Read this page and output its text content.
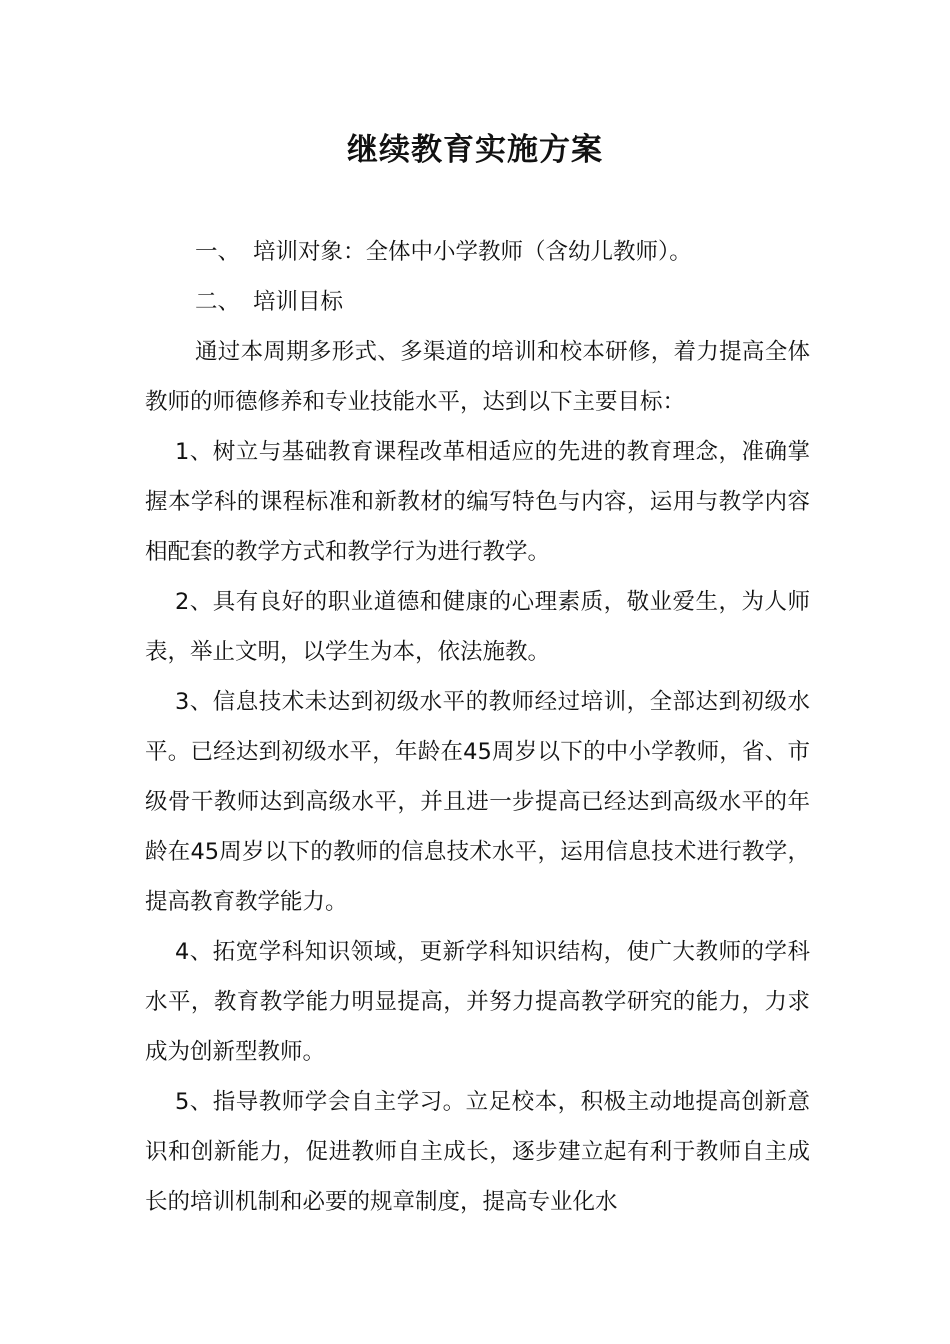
继续教育实施方案

一、 培训对象：全体中小学教师（含幼儿教师）。

二、 培训目标

通过本周期多形式、多渠道的培训和校本研修，着力提高全体教师的师德修养和专业技能水平，达到以下主要目标：

1、树立与基础教育课程改革相适应的先进的教育理念，准确掌握本学科的课程标准和新教材的编写特色与内容，运用与教学内容相配套的教学方式和教学行为进行教学。

2、具有良好的职业道德和健康的心理素质，敬业爱生，为人师表，举止文明，以学生为本，依法施教。

3、信息技术未达到初级水平的教师经过培训，全部达到初级水平。已经达到初级水平，年龄在45周岁以下的中小学教师，省、市级骨干教师达到高级水平，并且进一步提高已经达到高级水平的年龄在45周岁以下的教师的信息技术水平，运用信息技术进行教学，提高教育教学能力。

4、拓宽学科知识领域，更新学科知识结构，使广大教师的学科水平，教育教学能力明显提高，并努力提高教学研究的能力，力求成为创新型教师。

5、指导教师学会自主学习。立足校本，积极主动地提高创新意识和创新能力，促进教师自主成长，逐步建立起有利于教师自主成长的培训机制和必要的规章制度，提高专业化水
